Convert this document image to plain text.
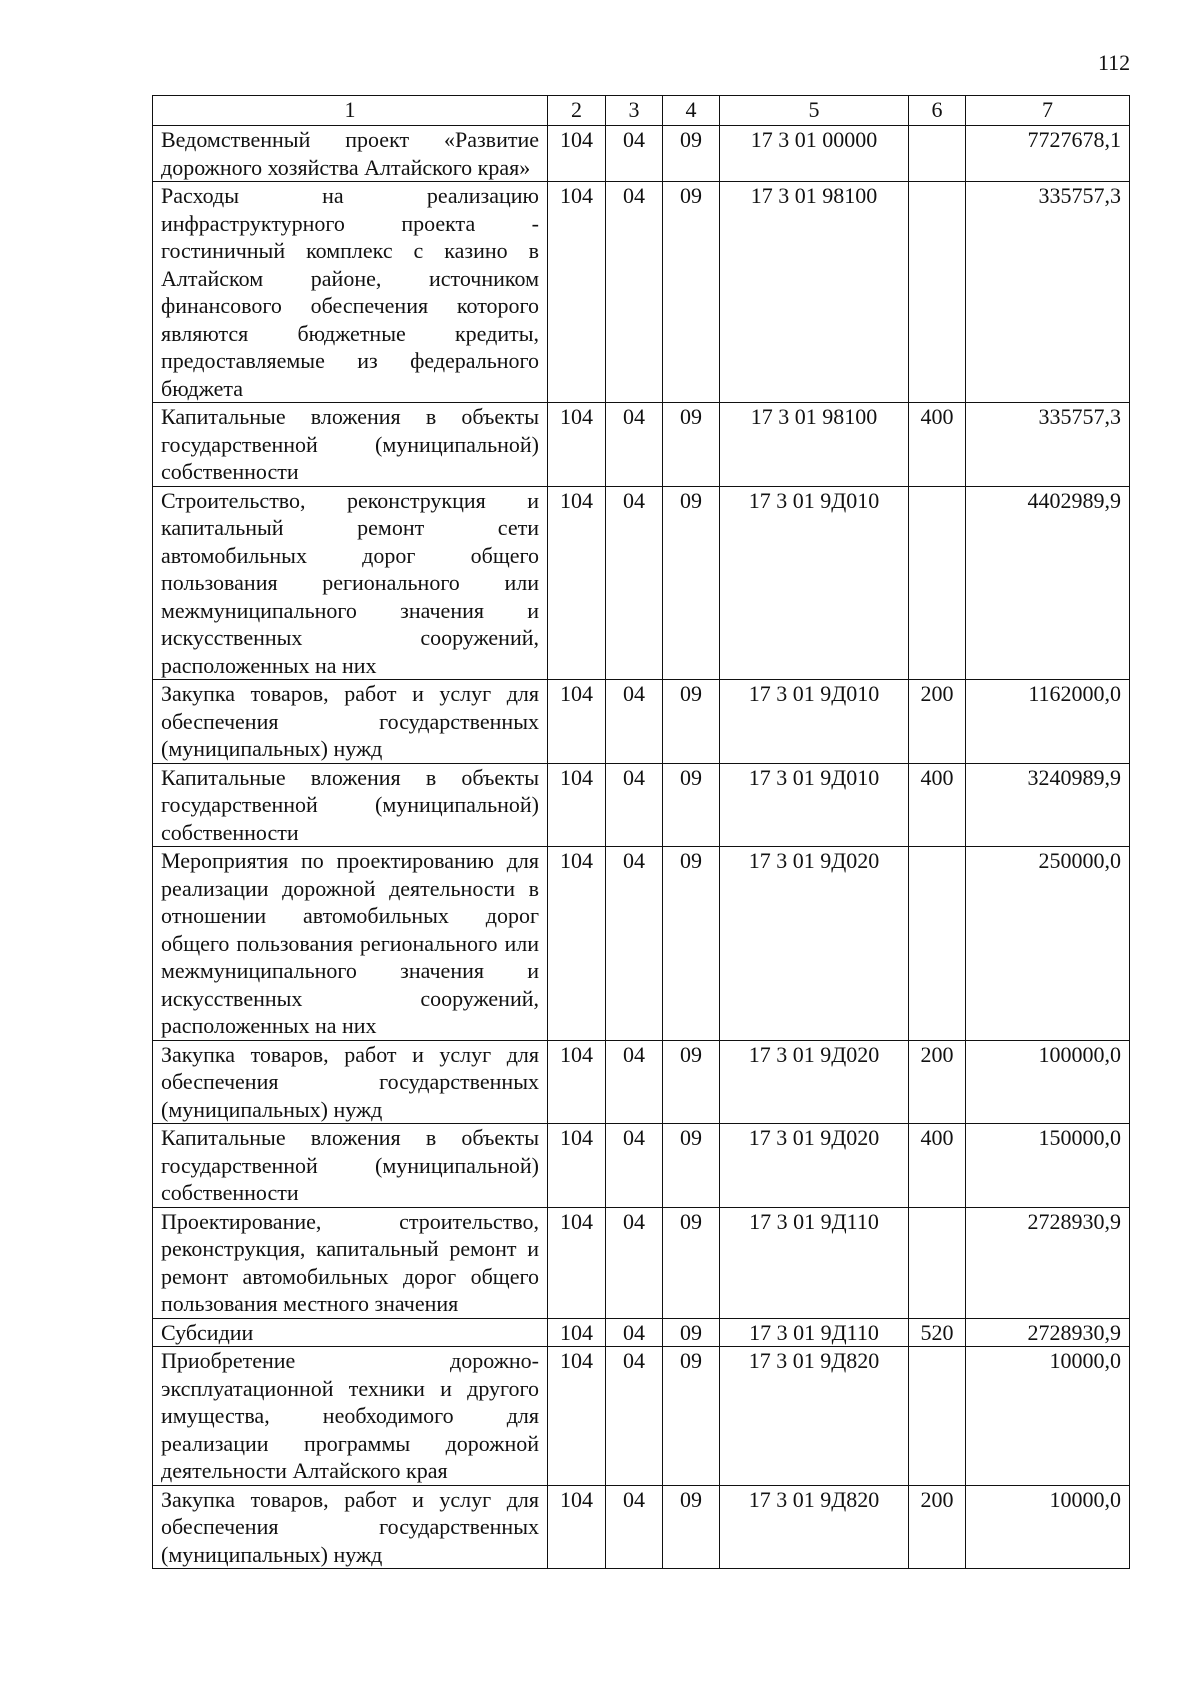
112
1	2	3	4	5	6	7
Ведомственный проект «Развитие дорожного хозяйства Алтайского края»	104	04	09	17 3 01 00000		7727678,1
Расходы на реализацию инфраструктурного проекта - гостиничный комплекс с казино в Алтайском районе, источником финансового обеспечения которого являются бюджетные кредиты, предоставляемые из федерального бюджета	104	04	09	17 3 01 98100		335757,3
Капитальные вложения в объекты государственной (муниципальной) собственности	104	04	09	17 3 01 98100	400	335757,3
Строительство, реконструкция и капитальный ремонт сети автомобильных дорог общего пользования регионального или межмуниципального значения и искусственных сооружений, расположенных на них	104	04	09	17 3 01 9Д010		4402989,9
Закупка товаров, работ и услуг для обеспечения государственных (муниципальных) нужд	104	04	09	17 3 01 9Д010	200	1162000,0
Капитальные вложения в объекты государственной (муниципальной) собственности	104	04	09	17 3 01 9Д010	400	3240989,9
Мероприятия по проектированию для реализации дорожной деятельности в отношении автомобильных дорог общего пользования регионального или межмуниципального значения и искусственных сооружений, расположенных на них	104	04	09	17 3 01 9Д020		250000,0
Закупка товаров, работ и услуг для обеспечения государственных (муниципальных) нужд	104	04	09	17 3 01 9Д020	200	100000,0
Капитальные вложения в объекты государственной (муниципальной) собственности	104	04	09	17 3 01 9Д020	400	150000,0
Проектирование, строительство, реконструкция, капитальный ремонт и ремонт автомобильных дорог общего пользования местного значения	104	04	09	17 3 01 9Д110		2728930,9
Субсидии	104	04	09	17 3 01 9Д110	520	2728930,9
Приобретение дорожно-эксплуатационной техники и другого имущества, необходимого для реализации программы дорожной деятельности Алтайского края	104	04	09	17 3 01 9Д820		10000,0
Закупка товаров, работ и услуг для обеспечения государственных (муниципальных) нужд	104	04	09	17 3 01 9Д820	200	10000,0
